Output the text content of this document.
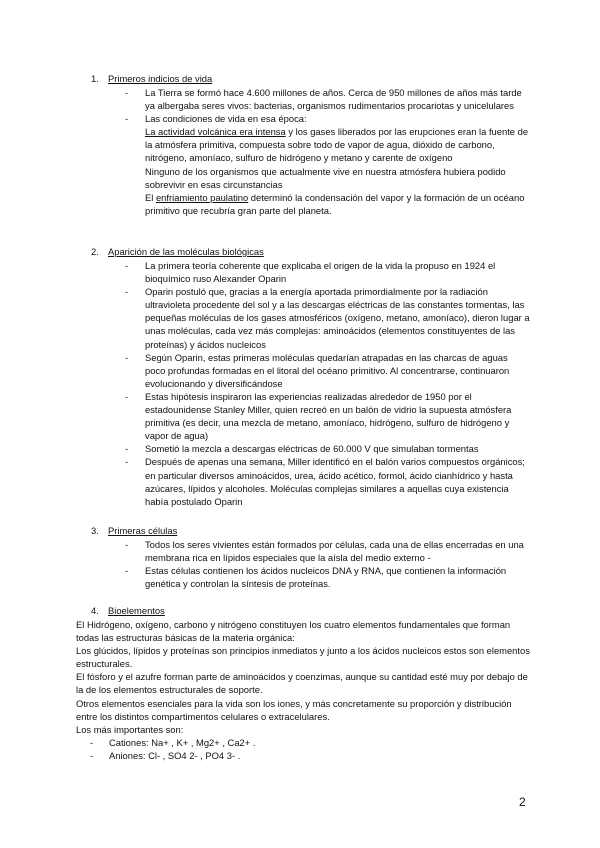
1. Primeros indicios de vida
- La Tierra se formó hace 4.600 millones de años. Cerca de 950 millones de años más tarde ya albergaba seres vivos: bacterias, organismos rudimentarios procariotas y unicelulares
- Las condiciones de vida en esa época:
La actividad volcánica era intensa y los gases liberados por las erupciones eran la fuente de la atmósfera primitiva, compuesta sobre todo de vapor de agua, dióxido de carbono, nitrógeno, amoníaco, sulfuro de hidrógeno y metano y carente de oxígeno
Ninguno de los organismos que actualmente vive en nuestra atmósfera hubiera podido sobrevivir en esas circunstancias
El enfriamiento paulatino determinó la condensación del vapor y la formación de un océano primitivo que recubría gran parte del planeta.
2. Aparición de las moléculas biológicas
- La primera teoría coherente que explicaba el origen de la vida la propuso en 1924 el bioquímico ruso Alexander Oparin
- Oparin postuló que, gracias a la energía aportada primordialmente por la radiación ultravioleta procedente del sol y a las descargas eléctricas de las constantes tormentas, las pequeñas moléculas de los gases atmosféricos (oxígeno, metano, amoníaco), dieron lugar a unas moléculas, cada vez más complejas: aminoácidos (elementos constituyentes de las proteínas) y ácidos nucleicos
- Según Oparin, estas primeras moléculas quedarían atrapadas en las charcas de aguas poco profundas formadas en el litoral del océano primitivo. Al concentrarse, continuaron evolucionando y diversificándose
- Estas hipótesis inspiraron las experiencias realizadas alrededor de 1950 por el estadounidense Stanley Miller, quien recreó en un balón de vidrio la supuesta atmósfera primitiva (es decir, una mezcla de metano, amoníaco, hidrógeno, sulfuro de hidrógeno y vapor de agua)
- Sometió la mezcla a descargas eléctricas de 60.000 V que simulaban tormentas
- Después de apenas una semana, Miller identificó en el balón varios compuestos orgánicos; en particular diversos aminoácidos, urea, ácido acético, formol, ácido cianhídrico y hasta azúcares, lípidos y alcoholes. Moléculas complejas similares a aquellas cuya existencia había postulado Oparin
3. Primeras células
- Todos los seres vivientes están formados por células, cada una de ellas encerradas en una membrana rica en lípidos especiales que la aísla del medio externo -
- Estas células contienen los ácidos nucleicos DNA y RNA, que contienen la información genética y controlan la síntesis de proteínas.
4. Bioelementos

El Hidrógeno, oxígeno, carbono y nitrógeno constituyen los cuatro elementos fundamentales que forman todas las estructuras básicas de la materia orgánica:

Los glúcidos, lípidos y proteínas son principios inmediatos y junto a los ácidos nucleicos estos son elementos estructurales.

El fósforo y el azufre forman parte de aminoácidos y coenzimas, aunque su cantidad esté muy por debajo de la de los elementos estructurales de soporte.

Otros elementos esenciales para la vida son los iones, y más concretamente su proporción y distribución entre los distintos compartimentos celulares o extracelulares.

Los más importantes son:

- Cationes: Na+ , K+ , Mg2+ , Ca2+ .
- Aniones: Cl- , SO4 2- , PO4 3- .
2
